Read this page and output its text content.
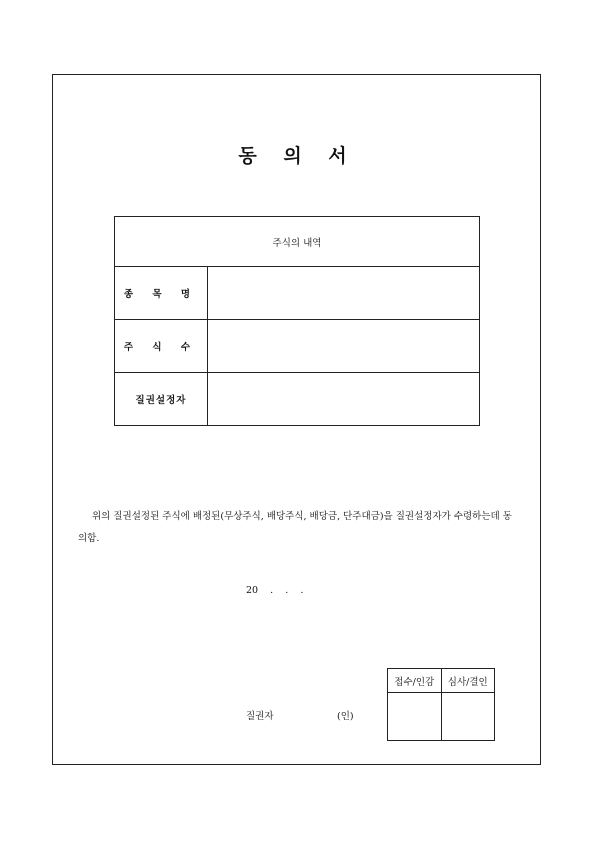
동 의 서
주식의 내역	
종 목 명	
주 식 수	
질권설정자	
위의 질권설정된 주식에 배정된(무상주식, 배당주식, 배당금, 단주대금)을 질권설정자가 수령하는데 동의함.
20    .    .    .
질권자	(인)
접수/인감	심사/결인
